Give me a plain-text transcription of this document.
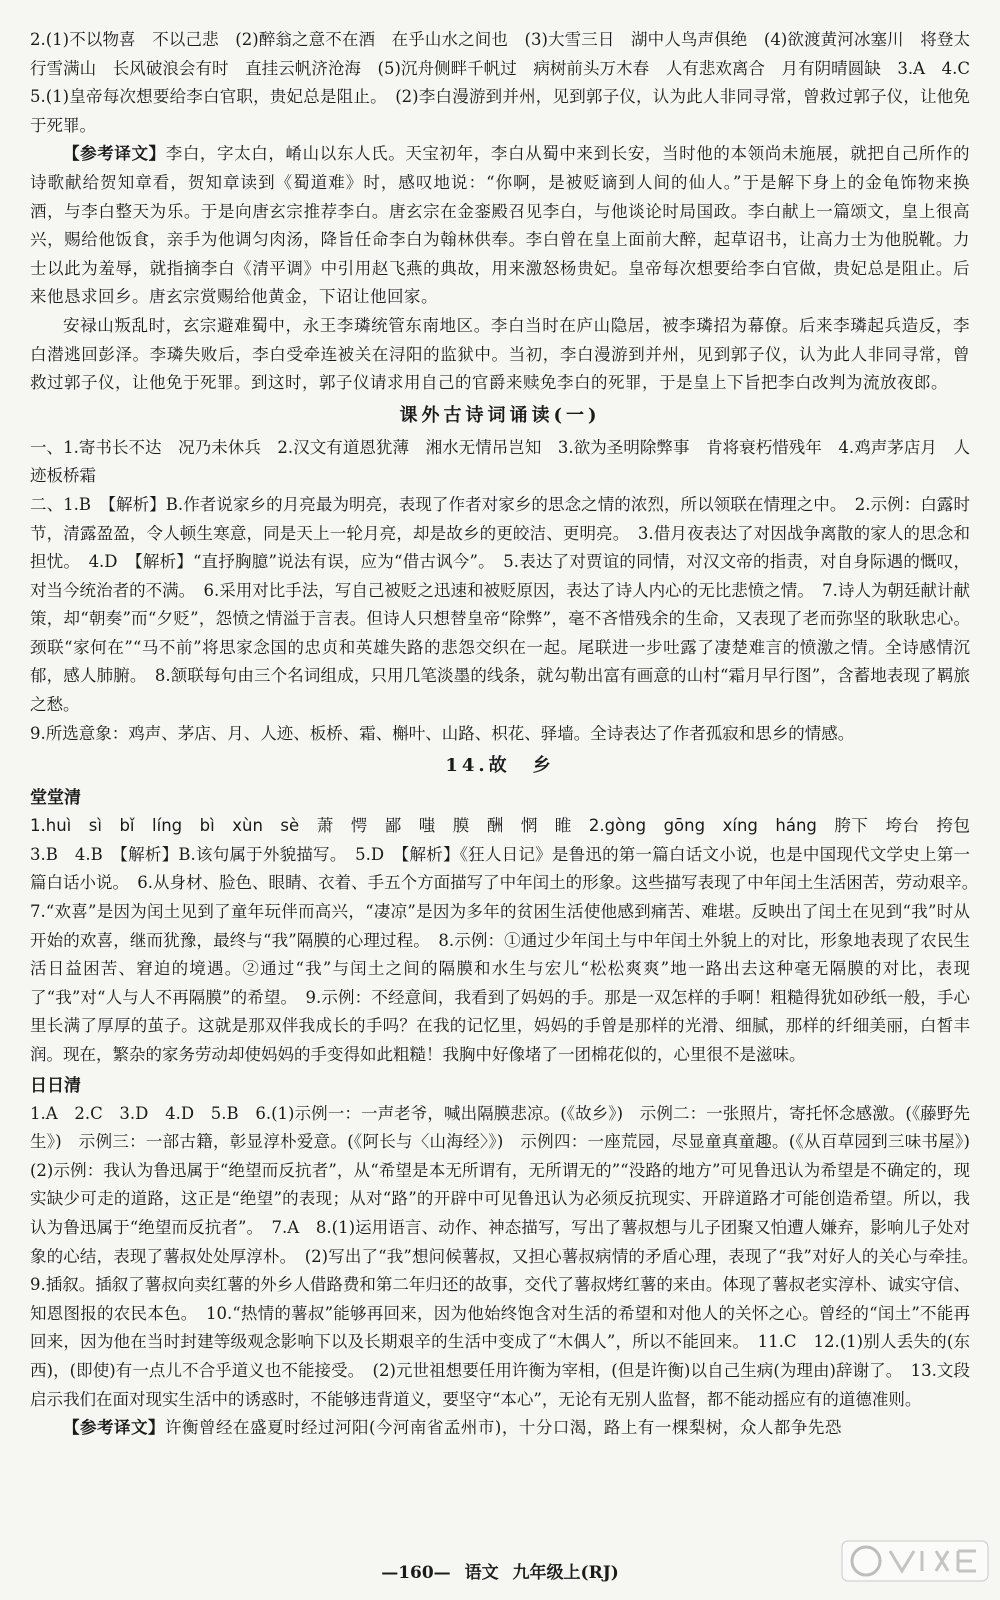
2.(1)不以物喜　不以己悲　(2)醉翁之意不在酒　在乎山水之间也　(3)大雪三日　湖中人鸟声俱绝　(4)欲渡黄河冰塞川　将登太行雪满山　长风破浪会有时　直挂云帆济沧海　(5)沉舟侧畔千帆过　病树前头万木春　人有悲欢离合　月有阴晴圆缺　3.A　4.C　5.(1)皇帝每次想要给李白官职，贵妃总是阻止。　(2)李白漫游到并州，见到郭子仪，认为此人非同寻常，曾救过郭子仪，让他免于死罪。

【参考译文】李白，字太白，崤山以东人氏。天宝初年，李白从蜀中来到长安，当时他的本领尚未施展，就把自己所作的诗歌献给贺知章看，贺知章读到《蜀道难》时，感叹地说：“你啊，是被贬谪到人间的仙人。”于是解下身上的金龟饰物来换酒，与李白整天为乐。于是向唐玄宗推荐李白。唐玄宗在金銮殿召见李白，与他谈论时局国政。李白献上一篇颂文，皇上很高兴，赐给他饭食，亲手为他调匀肉汤，降旨任命李白为翰林供奉。李白曾在皇上面前大醉，起草诏书，让高力士为他脱靴。力士以此为羞辱，就指摘李白《清平调》中引用赵飞燕的典故，用来激怒杨贵妃。皇帝每次想要给李白官做，贵妃总是阻止。后来他恳求回乡。唐玄宗赏赐给他黄金，下诏让他回家。

安禄山叛乱时，玄宗避难蜀中，永王李璘统管东南地区。李白当时在庐山隐居，被李璘招为幕僚。后来李璘起兵造反，李白潜逃回彭泽。李璘失败后，李白受牵连被关在浔阳的监狱中。当初，李白漫游到并州，见到郭子仪，认为此人非同寻常，曾救过郭子仪，让他免于死罪。到这时，郭子仪请求用自己的官爵来赎免李白的死罪，于是皇上下旨把李白改判为流放夜郎。

课外古诗词诵读(一)

一、1.寄书长不达　况乃未休兵　2.汉文有道恩犹薄　湘水无情吊岂知　3.欲为圣明除弊事　肯将衰朽惜残年　4.鸡声茅店月　人迹板桥霜

二、1.B　【解析】B.作者说家乡的月亮最为明亮，表现了作者对家乡的思念之情的浓烈，所以领联在情理之中。　2.示例：白露时节，清露盈盈，令人顿生寒意，同是天上一轮月亮，却是故乡的更皎洁、更明亮。　3.借月夜表达了对因战争离散的家人的思念和担忧。　4.D　【解析】“直抒胸臆”说法有误，应为“借古讽今”。　5.表达了对贾谊的同情，对汉文帝的指责，对自身际遇的慨叹，对当今统治者的不满。　6.采用对比手法，写自己被贬之迅速和被贬原因，表达了诗人内心的无比悲愤之情。　7.诗人为朝廷献计献策，却“朝奏”而“夕贬”，怨愤之情溢于言表。但诗人只想替皇帝“除弊”，毫不吝惜残余的生命，又表现了老而弥坚的耿耿忠心。颈联“家何在”“马不前”将思家念国的忠贞和英雄失路的悲怨交织在一起。尾联进一步吐露了凄楚难言的愤激之情。全诗感情沉郁，感人肺腑。　8.颔联每句由三个名词组成，只用几笔淡墨的线条，就勾勒出富有画意的山村“霜月早行图”，含蓄地表现了羁旅之愁。

9.所选意象：鸡声、茅店、月、人迹、板桥、霜、槲叶、山路、枳花、驿墙。全诗表达了作者孤寂和思乡的情感。

14.故　乡
堂堂清

1.huì　sì　bǐ　líng　bì　xùn　sè　萧　愕　鄙　嗤　膜　酬　惘　睢　2.gòng　gōng　xíng　háng　胯下　垮台　挎包　3.B　4.B　【解析】B.该句属于外貌描写。　5.D　【解析】《狂人日记》是鲁迅的第一篇白话文小说，也是中国现代文学史上第一篇白话小说。　6.从身材、脸色、眼睛、衣着、手五个方面描写了中年闰土的形象。这些描写表现了中年闰土生活困苦，劳动艰辛。　7.“欢喜”是因为闰土见到了童年玩伴而高兴，“凄凉”是因为多年的贫困生活使他感到痛苦、难堪。反映出了闰土在见到“我”时从开始的欢喜，继而犹豫，最终与“我”隔膜的心理过程。　8.示例：①通过少年闰土与中年闰土外貌上的对比，形象地表现了农民生活日益困苦、窘迫的境遇。②通过“我”与闰土之间的隔膜和水生与宏儿“松松爽爽”地一路出去这种毫无隔膜的对比，表现了“我”对“人与人不再隔膜”的希望。　9.示例：不经意间，我看到了妈妈的手。那是一双怎样的手啊！粗糙得犹如砂纸一般，手心里长满了厚厚的茧子。这就是那双伴我成长的手吗？在我的记忆里，妈妈的手曾是那样的光滑、细腻，那样的纤细美丽，白皙丰润。现在，繁杂的家务劳动却使妈妈的手变得如此粗糙！我胸中好像堵了一团棉花似的，心里很不是滋味。

日日清

1.A　2.C　3.D　4.D　5.B　6.(1)示例一：一声老爷，喊出隔膜悲凉。(《故乡》)　示例二：一张照片，寄托怀念感激。(《藤野先生》)　示例三：一部古籍，彰显淳朴爱意。(《阿长与〈山海经〉》)　示例四：一座荒园，尽显童真童趣。(《从百草园到三味书屋》)　(2)示例：我认为鲁迅属于“绝望而反抗者”，从“希望是本无所谓有，无所谓无的”“没路的地方”可见鲁迅认为希望是不确定的，现实缺少可走的道路，这正是“绝望”的表现；从对“路”的开辟中可见鲁迅认为必须反抗现实、开辟道路才可能创造希望。所以，我认为鲁迅属于“绝望而反抗者”。　7.A　8.(1)运用语言、动作、神态描写，写出了薯叔想与儿子团聚又怕遭人嫌弃，影响儿子处对象的心结，表现了薯叔处处厚淳朴。　(2)写出了“我”想问候薯叔，又担心薯叔病情的矛盾心理，表现了“我”对好人的关心与牵挂。　9.插叙。插叙了薯叔向卖红薯的外乡人借路费和第二年归还的故事，交代了薯叔烤红薯的来由。体现了薯叔老实淳朴、诚实守信、知恩图报的农民本色。　10.“热情的薯叔”能够再回来，因为他始终饱含对生活的希望和对他人的关怀之心。曾经的“闰土”不能再回来，因为他在当时封建等级观念影响下以及长期艰辛的生活中变成了“木偶人”，所以不能回来。　11.C　12.(1)别人丢失的(东西)，(即使)有一点儿不合乎道义也不能接受。　(2)元世祖想要任用许衡为宰相，(但是许衡)以自己生病(为理由)辞谢了。　13.文段启示我们在面对现实生活中的诱惑时，不能够违背道义，要坚守“本心”，无论有无别人监督，都不能动摇应有的道德准则。

【参考译文】许衡曾经在盛夏时经过河阳(今河南省孟州市)，十分口渴，路上有一棵梨树，众人都争先恐

—160— 语文 九年级上(RJ)
